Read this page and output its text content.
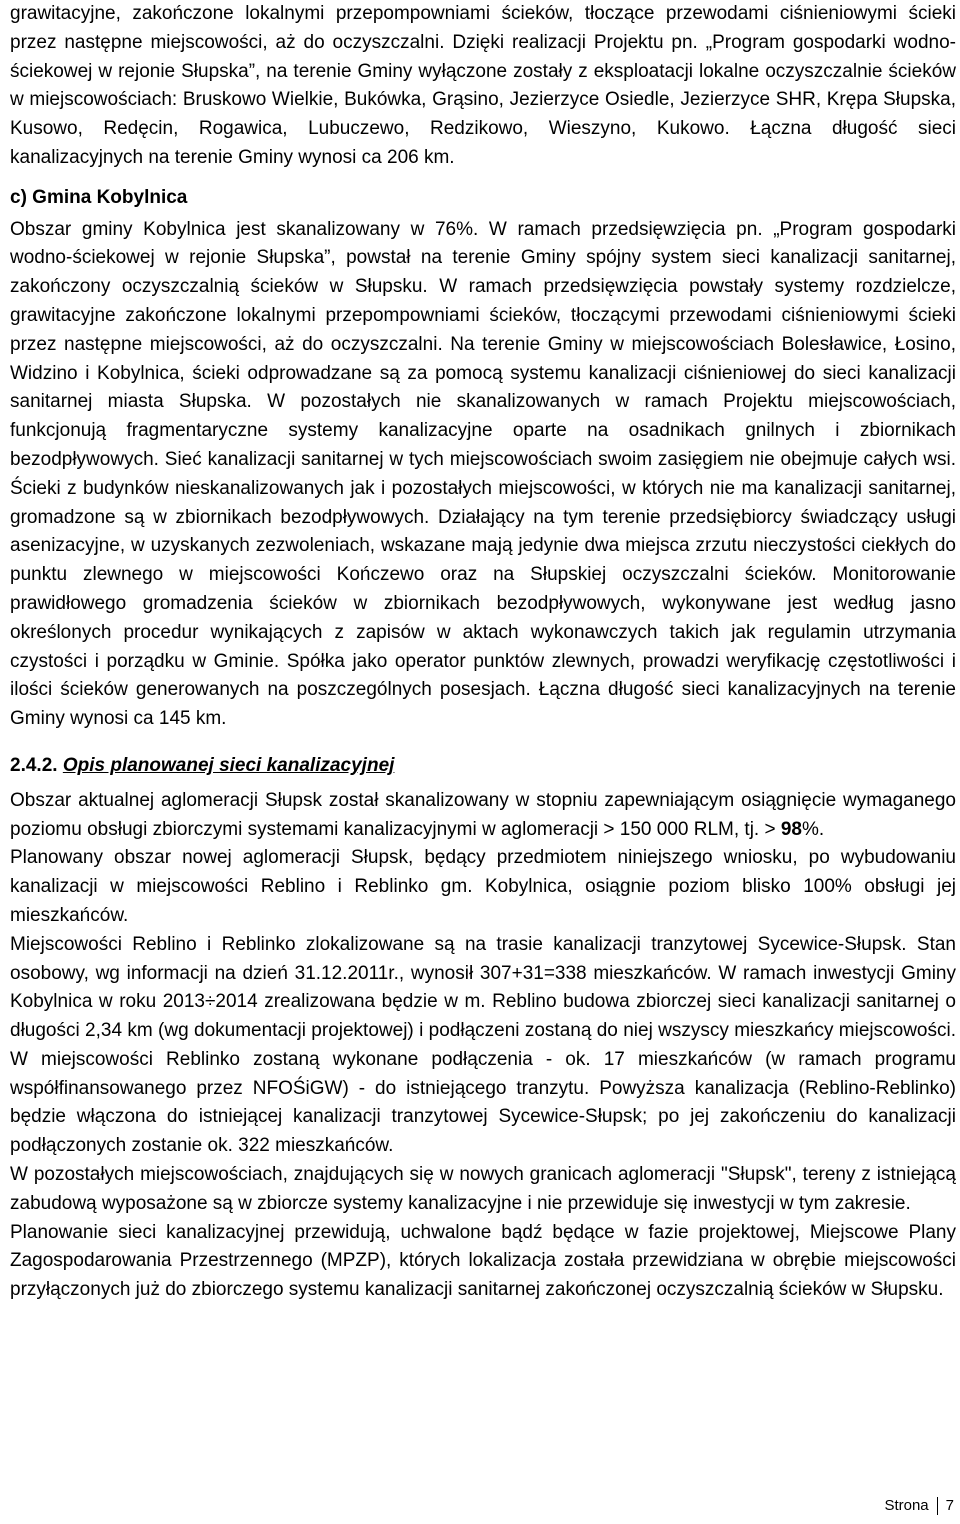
grawitacyjne, zakończone lokalnymi przepompowniami ścieków, tłoczące przewodami ciśnieniowymi ścieki przez następne miejscowości, aż do oczyszczalni. Dzięki realizacji Projektu pn. „Program gospodarki wodno-ściekowej w rejonie Słupska”, na terenie Gminy wyłączone zostały z eksploatacji lokalne oczyszczalnie ścieków w miejscowościach: Bruskowo Wielkie, Bukówka, Grąsino, Jezierzyce Osiedle, Jezierzyce SHR, Krępa Słupska, Kusowo, Redęcin, Rogawica, Lubuczewo, Redzikowo, Wieszyno, Kukowo. Łączna długość sieci kanalizacyjnych na terenie Gminy wynosi ca 206 km.

c) Gmina Kobylnica

Obszar gminy Kobylnica jest skanalizowany w 76%. W ramach przedsięwzięcia pn. „Program gospodarki wodno-ściekowej w rejonie Słupska”, powstał na terenie Gminy spójny system sieci kanalizacji sanitarnej, zakończony oczyszczalnią ścieków w Słupsku. W ramach przedsięwzięcia powstały systemy rozdzielcze, grawitacyjne zakończone lokalnymi przepompowniami ścieków, tłoczącymi przewodami ciśnieniowymi ścieki przez następne miejscowości, aż do oczyszczalni. Na terenie Gminy w miejscowościach Bolesławice, Łosino, Widzino i Kobylnica, ścieki odprowadzane są za pomocą systemu kanalizacji ciśnieniowej do sieci kanalizacji sanitarnej miasta Słupska. W pozostałych nie skanalizowanych w ramach Projektu miejscowościach, funkcjonują fragmentaryczne systemy kanalizacyjne oparte na osadnikach gnilnych i zbiornikach bezodpływowych. Sieć kanalizacji sanitarnej w tych miejscowościach swoim zasięgiem nie obejmuje całych wsi. Ścieki z budynków nieskanalizowanych jak i pozostałych miejscowości, w których nie ma kanalizacji sanitarnej, gromadzone są w zbiornikach bezodpływowych. Działający na tym terenie przedsiębiorcy świadczący usługi asenizacyjne, w uzyskanych zezwoleniach, wskazane mają jedynie dwa miejsca zrzutu nieczystości ciekłych do punktu zlewnego w miejscowości Kończewo oraz na Słupskiej oczyszczalni ścieków. Monitorowanie prawidłowego gromadzenia ścieków w zbiornikach bezodpływowych, wykonywane jest według jasno określonych procedur wynikających z zapisów w aktach wykonawczych takich jak regulamin utrzymania czystości i porządku w Gminie. Spółka jako operator punktów zlewnych, prowadzi weryfikację częstotliwości i ilości ścieków generowanych na poszczególnych posesjach. Łączna długość sieci kanalizacyjnych na terenie Gminy wynosi ca 145 km.

2.4.2. Opis planowanej sieci kanalizacyjnej

Obszar aktualnej aglomeracji Słupsk został skanalizowany w stopniu zapewniającym osiągnięcie wymaganego poziomu obsługi zbiorczymi systemami kanalizacyjnymi w aglomeracji > 150 000 RLM, tj. > 98%.

Planowany obszar nowej aglomeracji Słupsk, będący przedmiotem niniejszego wniosku, po wybudowaniu kanalizacji w miejscowości Reblino i Reblinko gm. Kobylnica, osiągnie poziom blisko 100% obsługi jej mieszkańców.

Miejscowości Reblino i Reblinko zlokalizowane są na trasie kanalizacji tranzytowej Sycewice-Słupsk. Stan osobowy, wg informacji na dzień 31.12.2011r., wynosił 307+31=338 mieszkańców. W ramach inwestycji Gminy Kobylnica w roku 2013÷2014 zrealizowana będzie w m. Reblino budowa zbiorczej sieci kanalizacji sanitarnej o długości 2,34 km (wg dokumentacji projektowej) i podłączeni zostaną do niej wszyscy mieszkańcy miejscowości. W miejscowości Reblinko zostaną wykonane podłączenia - ok. 17 mieszkańców (w ramach programu współfinansowanego przez NFOŚiGW) - do istniejącego tranzytu. Powyższa kanalizacja (Reblino-Reblinko) będzie włączona do istniejącej kanalizacji tranzytowej Sycewice-Słupsk; po jej zakończeniu do kanalizacji podłączonych zostanie ok. 322 mieszkańców.

W pozostałych miejscowościach, znajdujących się w nowych granicach aglomeracji "Słupsk", tereny z istniejącą zabudową wyposażone są w zbiorcze systemy kanalizacyjne i nie przewiduje się inwestycji w tym zakresie.

Planowanie sieci kanalizacyjnej przewidują, uchwalone bądź będące w fazie projektowej, Miejscowe Plany Zagospodarowania Przestrzennego (MPZP), których lokalizacja została przewidziana w obrębie miejscowości przyłączonych już do zbiorczego systemu kanalizacji sanitarnej zakończonej oczyszczalnią ścieków w Słupsku.

Strona 7
